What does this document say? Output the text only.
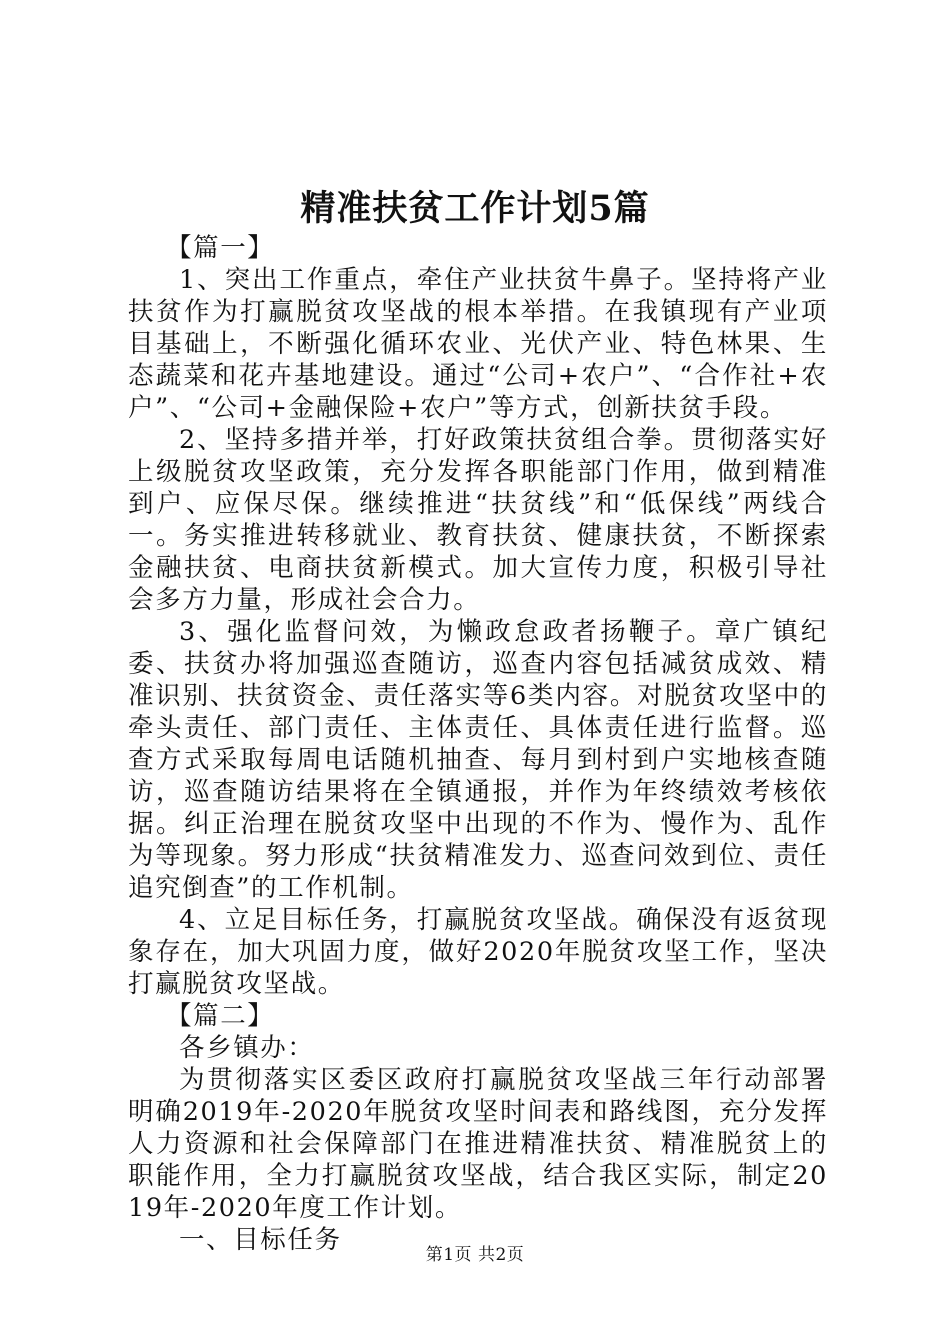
精准扶贫工作计划5篇

【篇一】

1、突出工作重点，牵住产业扶贫牛鼻子。坚持将产业扶贫作为打赢脱贫攻坚战的根本举措。在我镇现有产业项目基础上，不断强化循环农业、光伏产业、特色林果、生态蔬菜和花卉基地建设。通过“公司+农户”、“合作社+农户”、“公司+金融保险+农户”等方式，创新扶贫手段。

2、坚持多措并举，打好政策扶贫组合拳。贯彻落实好上级脱贫攻坚政策，充分发挥各职能部门作用，做到精准到户、应保尽保。继续推进“扶贫线”和“低保线”两线合一。务实推进转移就业、教育扶贫、健康扶贫，不断探索金融扶贫、电商扶贫新模式。加大宣传力度，积极引导社会多方力量，形成社会合力。

3、强化监督问效，为懒政怠政者扬鞭子。章广镇纪委、扶贫办将加强巡查随访，巡查内容包括减贫成效、精准识别、扶贫资金、责任落实等6类内容。对脱贫攻坚中的牵头责任、部门责任、主体责任、具体责任进行监督。巡查方式采取每周电话随机抽查、每月到村到户实地核查随访，巡查随访结果将在全镇通报，并作为年终绩效考核依据。纠正治理在脱贫攻坚中出现的不作为、慢作为、乱作为等现象。努力形成“扶贫精准发力、巡查问效到位、责任追究倒查”的工作机制。

4、立足目标任务，打赢脱贫攻坚战。确保没有返贫现象存在，加大巩固力度，做好2020年脱贫攻坚工作，坚决打赢脱贫攻坚战。

【篇二】

各乡镇办：

为贯彻落实区委区政府打赢脱贫攻坚战三年行动部署明确2019年-2020年脱贫攻坚时间表和路线图，充分发挥人力资源和社会保障部门在推进精准扶贫、精准脱贫上的职能作用，全力打赢脱贫攻坚战，结合我区实际，制定2019年-2020年度工作计划。

一、目标任务	第1页 共2页
